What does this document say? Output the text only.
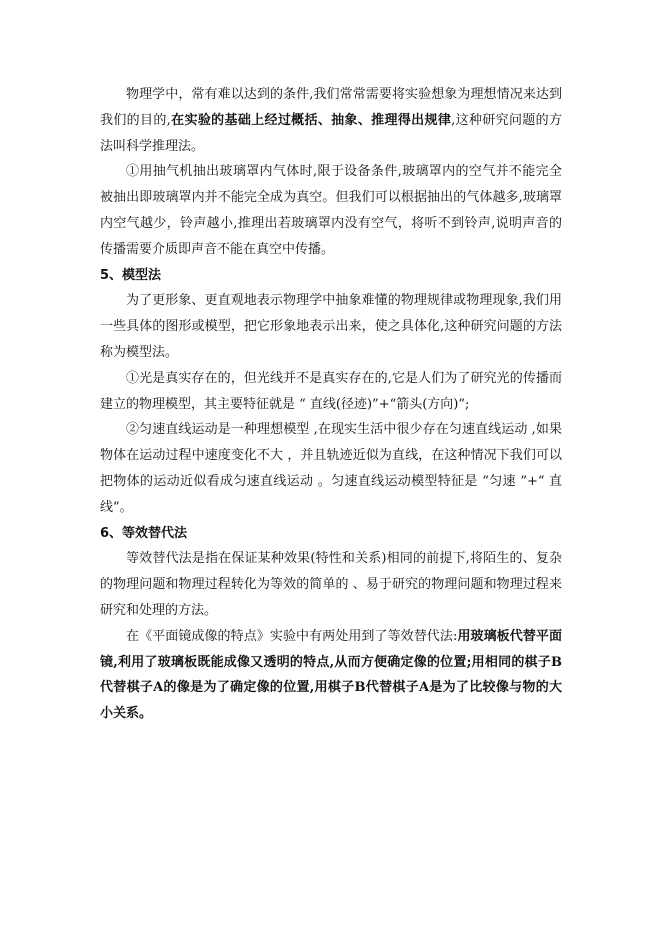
物理学中，常有难以达到的条件,我们常常需要将实验想象为理想情况来达到我们的目的,在实验的基础上经过概括、抽象、推理得出规律,这种研究问题的方法叫科学推理法。

①用抽气机抽出玻璃罩内气体时,限于设备条件,玻璃罩内的空气并不能完全被抽出即玻璃罩内并不能完全成为真空。但我们可以根据抽出的气体越多,玻璃罩内空气越少，铃声越小,推理出若玻璃罩内没有空气，将听不到铃声,说明声音的传播需要介质即声音不能在真空中传播。

5、模型法

为了更形象、更直观地表示物理学中抽象难懂的物理规律或物理现象,我们用一些具体的图形或模型，把它形象地表示出来，使之具体化,这种研究问题的方法称为模型法。

①光是真实存在的，但光线并不是真实存在的,它是人们为了研究光的传播而建立的物理模型，其主要特征就是 “ 直线(径迹)”+“箭头(方向)”;

②匀速直线运动是一种理想模型 ,在现实生活中很少存在匀速直线运动 ,如果物体在运动过程中速度变化不大 ，并且轨迹近似为直线，在这种情况下我们可以把物体的运动近似看成匀速直线运动 。匀速直线运动模型特征是 “匀速 ”+“ 直线”。

6、等效替代法

等效替代法是指在保证某种效果(特性和关系)相同的前提下,将陌生的、复杂的物理问题和物理过程转化为等效的简单的 、易于研究的物理问题和物理过程来研究和处理的方法。

在《平面镜成像的特点》实验中有两处用到了等效替代法:用玻璃板代替平面镜,利用了玻璃板既能成像又透明的特点,从而方便确定像的位置;用相同的棋子B代替棋子A的像是为了确定像的位置,用棋子B代替棋子A是为了比较像与物的大小关系。
